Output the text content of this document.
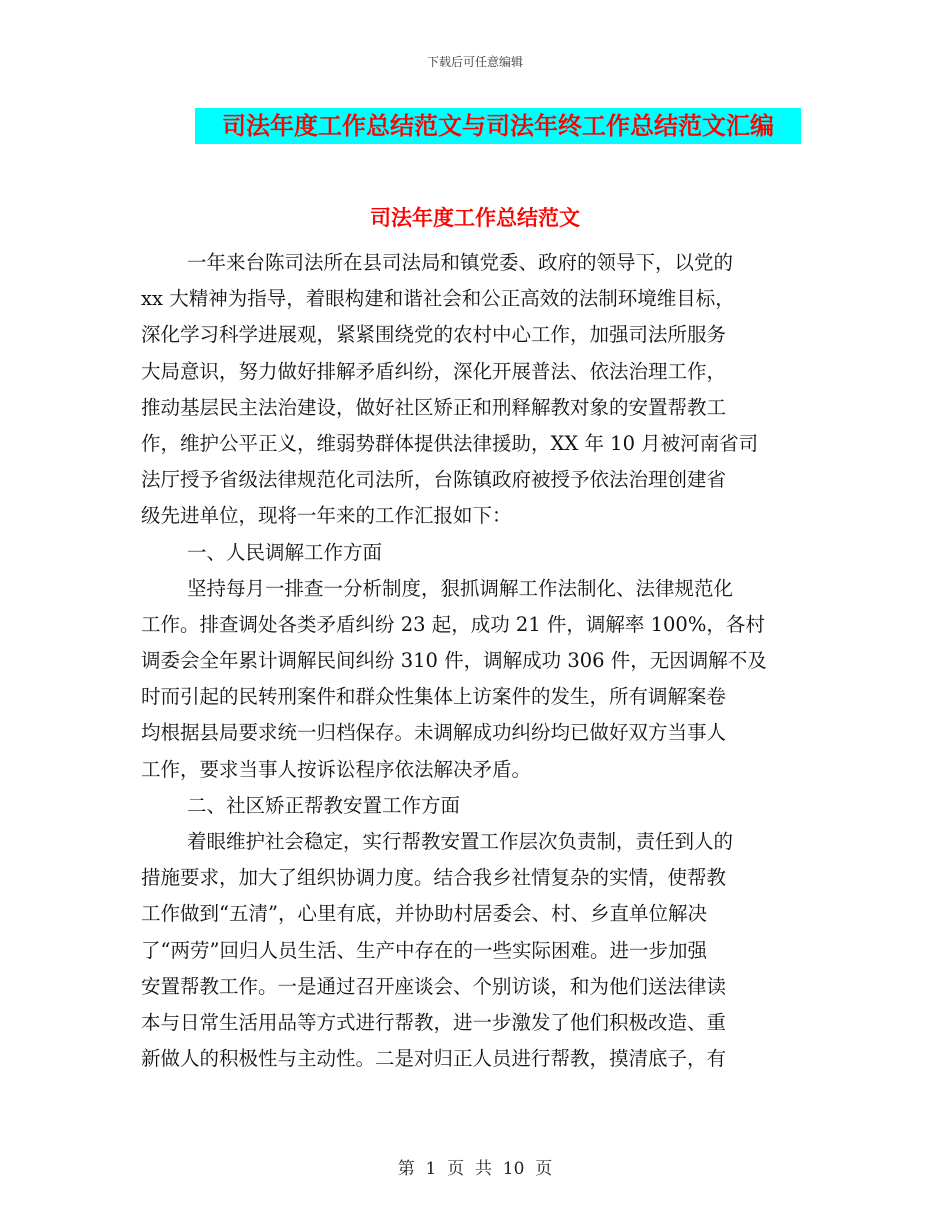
下载后可任意编辑
司法年度工作总结范文与司法年终工作总结范文汇编
司法年度工作总结范文
一年来台陈司法所在县司法局和镇党委、政府的领导下，以党的
xx 大精神为指导，着眼构建和谐社会和公正高效的法制环境维目标，
深化学习科学进展观，紧紧围绕党的农村中心工作，加强司法所服务
大局意识，努力做好排解矛盾纠纷，深化开展普法、依法治理工作，
推动基层民主法治建设，做好社区矫正和刑释解教对象的安置帮教工
作，维护公平正义，维弱势群体提供法律援助，XX 年 10 月被河南省司
法厅授予省级法律规范化司法所，台陈镇政府被授予依法治理创建省
级先进单位，现将一年来的工作汇报如下：
一、人民调解工作方面
坚持每月一排查一分析制度，狠抓调解工作法制化、法律规范化
工作。排查调处各类矛盾纠纷 23 起，成功 21 件，调解率 100%，各村
调委会全年累计调解民间纠纷 310 件，调解成功 306 件，无因调解不及
时而引起的民转刑案件和群众性集体上访案件的发生，所有调解案卷
均根据县局要求统一归档保存。未调解成功纠纷均已做好双方当事人
工作，要求当事人按诉讼程序依法解决矛盾。
二、社区矫正帮教安置工作方面
着眼维护社会稳定，实行帮教安置工作层次负责制，责任到人的
措施要求，加大了组织协调力度。结合我乡社情复杂的实情，使帮教
工作做到“五清”，心里有底，并协助村居委会、村、乡直单位解决
了“两劳”回归人员生活、生产中存在的一些实际困难。进一步加强
安置帮教工作。一是通过召开座谈会、个别访谈，和为他们送法律读
本与日常生活用品等方式进行帮教，进一步激发了他们积极改造、重
新做人的积极性与主动性。二是对归正人员进行帮教，摸清底子，有
第  1  页  共  10  页
